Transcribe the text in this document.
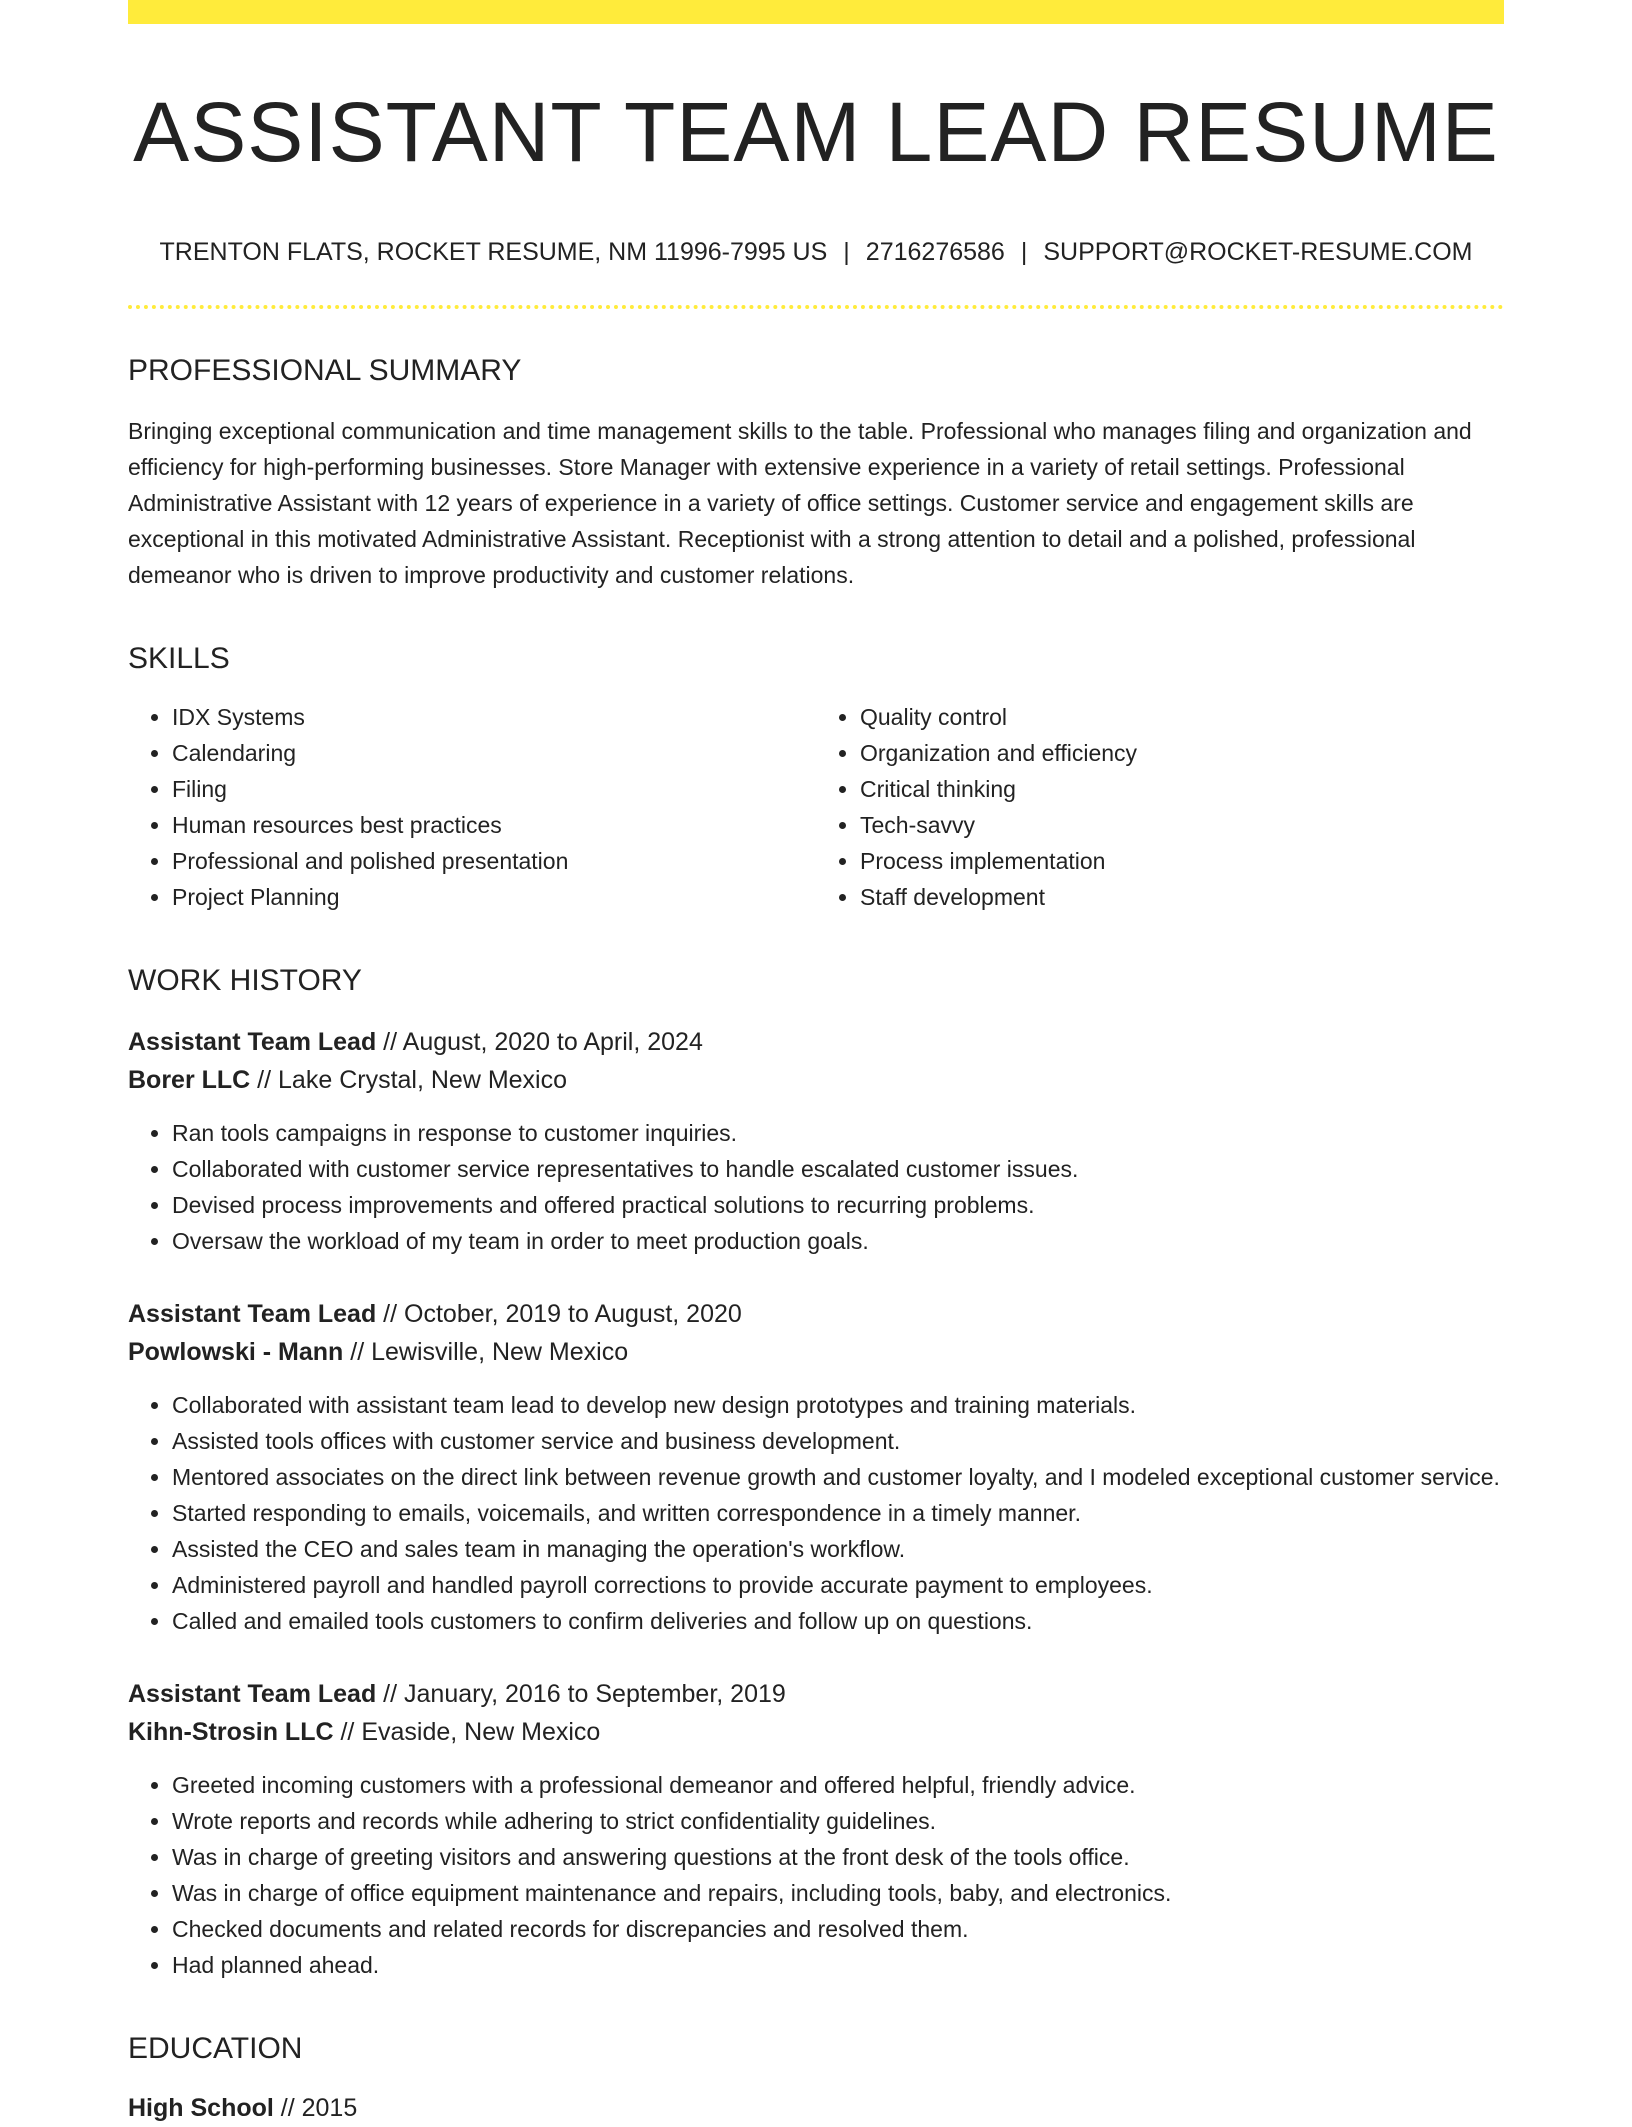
ASSISTANT TEAM LEAD RESUME
TRENTON FLATS, ROCKET RESUME, NM 11996-7995 US | 2716276586 | SUPPORT@ROCKET-RESUME.COM
PROFESSIONAL SUMMARY

Bringing exceptional communication and time management skills to the table. Professional who manages filing and organization and efficiency for high-performing businesses. Store Manager with extensive experience in a variety of retail settings. Professional Administrative Assistant with 12 years of experience in a variety of office settings. Customer service and engagement skills are exceptional in this motivated Administrative Assistant. Receptionist with a strong attention to detail and a polished, professional demeanor who is driven to improve productivity and customer relations.

SKILLS
• IDX Systems
• Calendaring
• Filing
• Human resources best practices
• Professional and polished presentation
• Project Planning
• Quality control
• Organization and efficiency
• Critical thinking
• Tech-savvy
• Process implementation
• Staff development
WORK HISTORY
Assistant Team Lead // August, 2020 to April, 2024
Borer LLC // Lake Crystal, New Mexico
• Ran tools campaigns in response to customer inquiries.
• Collaborated with customer service representatives to handle escalated customer issues.
• Devised process improvements and offered practical solutions to recurring problems.
• Oversaw the workload of my team in order to meet production goals.
Assistant Team Lead // October, 2019 to August, 2020
Powlowski - Mann // Lewisville, New Mexico
• Collaborated with assistant team lead to develop new design prototypes and training materials.
• Assisted tools offices with customer service and business development.
• Mentored associates on the direct link between revenue growth and customer loyalty, and I modeled exceptional customer service.
• Started responding to emails, voicemails, and written correspondence in a timely manner.
• Assisted the CEO and sales team in managing the operation's workflow.
• Administered payroll and handled payroll corrections to provide accurate payment to employees.
• Called and emailed tools customers to confirm deliveries and follow up on questions.
Assistant Team Lead // January, 2016 to September, 2019
Kihn-Strosin LLC // Evaside, New Mexico
• Greeted incoming customers with a professional demeanor and offered helpful, friendly advice.
• Wrote reports and records while adhering to strict confidentiality guidelines.
• Was in charge of greeting visitors and answering questions at the front desk of the tools office.
• Was in charge of office equipment maintenance and repairs, including tools, baby, and electronics.
• Checked documents and related records for discrepancies and resolved them.
• Had planned ahead.
EDUCATION
High School // 2015
